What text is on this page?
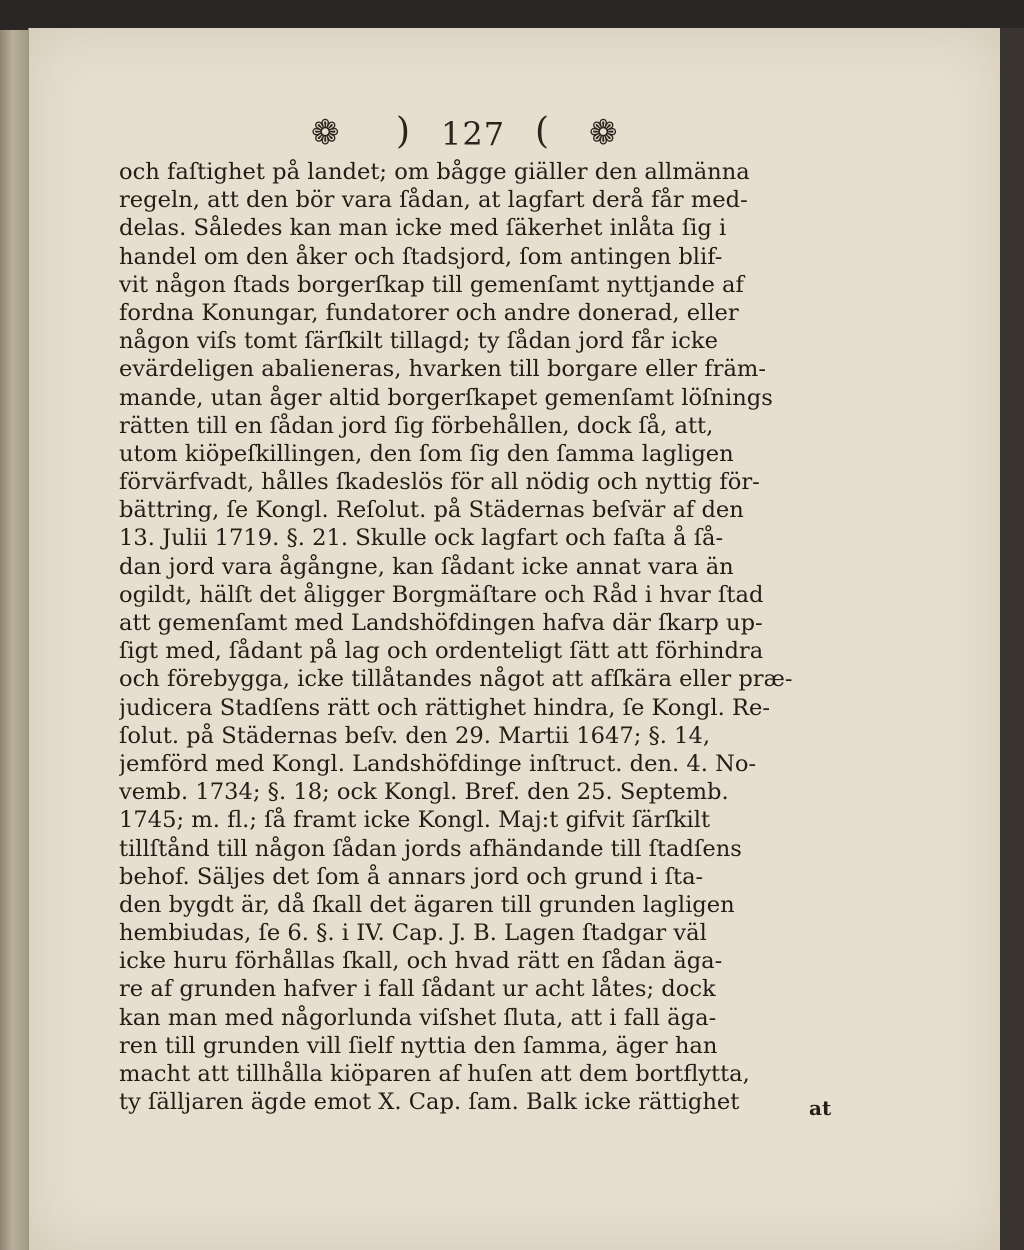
❁ ) 127 ( ❁
och faſtighet på landet; om bågge giäller den allmänna
regeln, att den bör vara ſådan, at lagfart derå får med-
delas. Således kan man icke med ſäkerhet inlåta ſig i
handel om den åker och ſtadsjord, ſom antingen blif-
vit någon ſtads borgerſkap till gemenſamt nyttjande af
fordna Konungar, fundatorer och andre donerad, eller
någon viſs tomt ſärſkilt tillagd; ty ſådan jord får icke
evärdeligen abalieneras, hvarken till borgare eller främ-
mande, utan åger altid borgerſkapet gemenſamt löſnings
rätten till en ſådan jord ſig förbehållen, dock ſå, att,
utom kiöpeſkillingen, den ſom ſig den ſamma lagligen
förvärfvadt, hålles ſkadeslös för all nödig och nyttig för-
bättring, ſe Kongl. Reſolut. på Städernas beſvär af den
13. Julii 1719. §. 21. Skulle ock lagfart och faſta å ſå-
dan jord vara ågångne, kan ſådant icke annat vara än
ogildt, hälſt det åligger Borgmäſtare och Råd i hvar ſtad
att gemenſamt med Landshöfdingen hafva där ſkarp up-
ſigt med, ſådant på lag och ordenteligt ſätt att förhindra
och förebygga, icke tillåtandes något att afſkära eller præ-
judicera Stadſens rätt och rättighet hindra, ſe Kongl. Re-
ſolut. på Städernas beſv. den 29. Martii 1647; §. 14,
jemförd med Kongl. Landshöfdinge inſtruct. den. 4. No-
vemb. 1734; §. 18; ock Kongl. Bref. den 25. Septemb.
1745; m. fl.; ſå framt icke Kongl. Maj:t gifvit ſärſkilt
tillſtånd till någon ſådan jords afhändande till ſtadſens
behof. Säljes det ſom å annars jord och grund i ſta-
den bygdt är, då ſkall det ägaren till grunden lagligen
hembiudas, ſe 6. §. i IV. Cap. J. B. Lagen ſtadgar väl
icke huru förhållas ſkall, och hvad rätt en ſådan äga-
re af grunden hafver i fall ſådant ur acht låtes; dock
kan man med någorlunda viſshet ſluta, att i fall äga-
ren till grunden vill ſielf nyttia den ſamma, äger han
macht att tillhålla kiöparen af huſen att dem bortflytta,
ty ſälljaren ägde emot X. Cap. ſam. Balk icke rättighet	at
